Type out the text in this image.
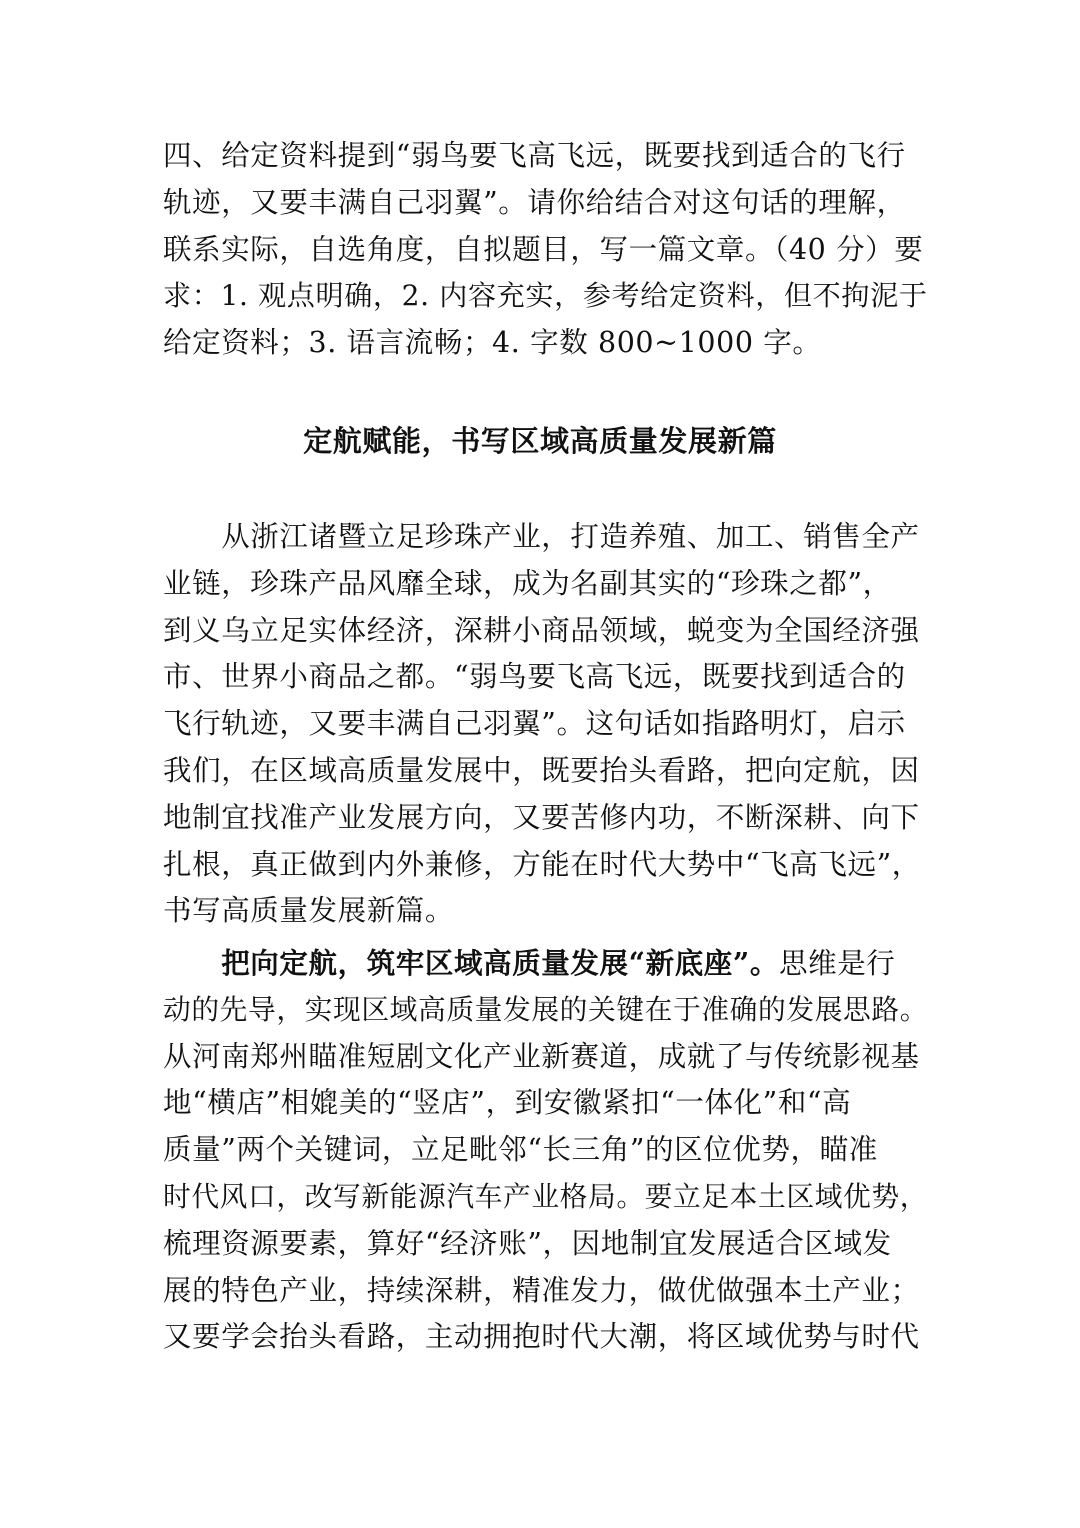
四、给定资料提到“弱鸟要飞高飞远，既要找到适合的飞行
轨迹，又要丰满自己羽翼”。请你给结合对这句话的理解，
联系实际，自选角度，自拟题目，写一篇文章。（40 分）要
求：1. 观点明确，2. 内容充实，参考给定资料，但不拘泥于
给定资料；3. 语言流畅；4. 字数 800~1000 字。
定航赋能，书写区域高质量发展新篇
　　从浙江诸暨立足珍珠产业，打造养殖、加工、销售全产
业链，珍珠产品风靡全球，成为名副其实的“珍珠之都”，
到义乌立足实体经济，深耕小商品领域，蜕变为全国经济强
市、世界小商品之都。“弱鸟要飞高飞远，既要找到适合的
飞行轨迹，又要丰满自己羽翼”。这句话如指路明灯，启示
我们，在区域高质量发展中，既要抬头看路，把向定航，因
地制宜找准产业发展方向，又要苦修内功，不断深耕、向下
扎根，真正做到内外兼修，方能在时代大势中“飞高飞远”，
书写高质量发展新篇。
　　把向定航，筑牢区域高质量发展“新底座”。思维是行
动的先导，实现区域高质量发展的关键在于准确的发展思路。
从河南郑州瞄准短剧文化产业新赛道，成就了与传统影视基
地“横店”相媲美的“竖店”，到安徽紧扣“一体化”和“高
质量”两个关键词，立足毗邻“长三角”的区位优势，瞄准
时代风口，改写新能源汽车产业格局。要立足本土区域优势，
梳理资源要素，算好“经济账”，因地制宜发展适合区域发
展的特色产业，持续深耕，精准发力，做优做强本土产业；
又要学会抬头看路，主动拥抱时代大潮，将区域优势与时代
